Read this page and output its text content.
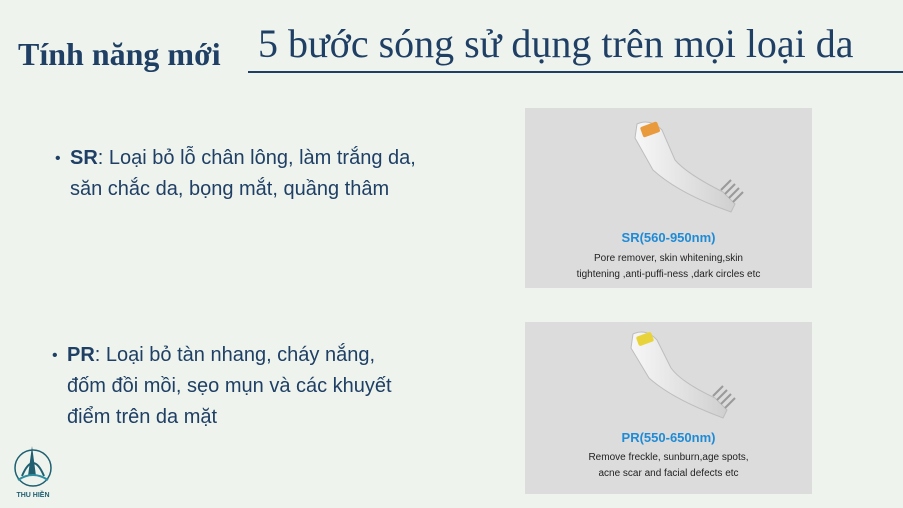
Tính năng mới 5 bước sóng sử dụng trên mọi loại da
• SR: Loại bỏ lỗ chân lông, làm trắng da,
săn chắc da, bọng mắt, quầng thâm
• PR: Loại bỏ tàn nhang, cháy nắng,
đốm đồi mồi, sẹo mụn và các khuyết
điểm trên da mặt
SR(560-950nm)
Pore remover, skin whitening,skin
tightening ,anti-puffi-ness ,dark circles etc
PR(550-650nm)
Remove freckle, sunburn,age spots,
acne scar and facial defects etc
THU HIỀN
